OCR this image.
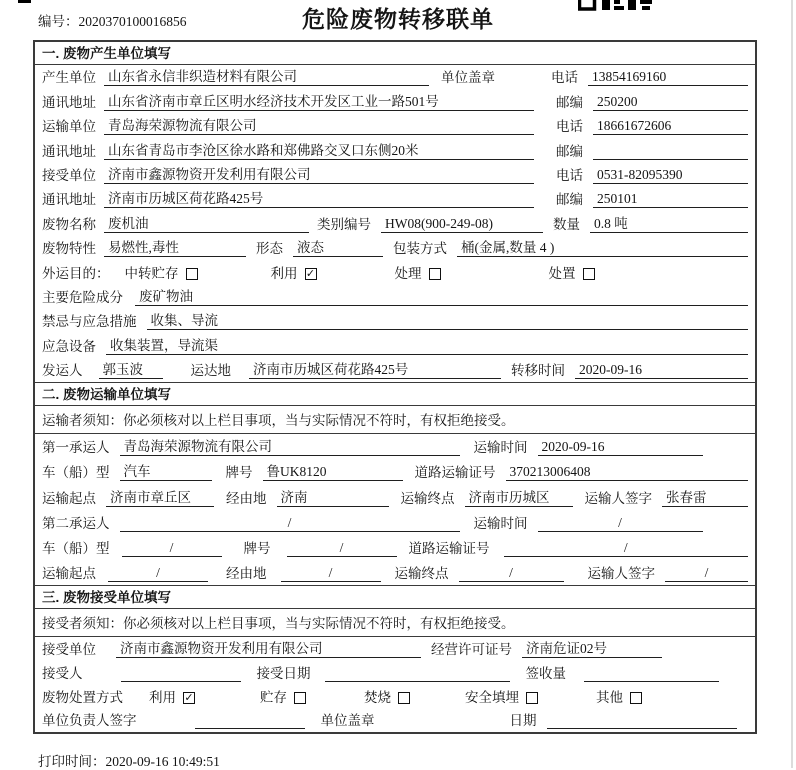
编号：2020370100016856	危险废物转移联单
一. 废物产生单位填写
产生单位 山东省永信非织造材料有限公司	单位盖章	电话 13854169160
通讯地址 山东省济南市章丘区明水经济技术开发区工业一路501号	邮编 250200
运输单位 青岛海荣源物流有限公司	电话 18661672606
通讯地址 山东省青岛市李沧区徐水路和郑佛路交叉口东侧20米	邮编
接受单位 济南市鑫源物资开发利用有限公司	电话 0531-82095390
通讯地址 济南市历城区荷花路425号	邮编 250101
废物名称 废机油	类别编号 HW08(900-249-08)	数量 0.8 吨
废物特性 易燃性,毒性	形态 液态	包装方式 桶(金属,数量 4 )
外运目的： 中转贮存	利用 ✓	处理	处置
主要危险成分 废矿物油
禁忌与应急措施 收集、导流
应急设备 收集装置，导流渠
发运人 郭玉波	运达地 济南市历城区荷花路425号	转移时间 2020-09-16
二. 废物运输单位填写
运输者须知：你必须核对以上栏目事项，当与实际情况不符时，有权拒绝接受。
第一承运人 青岛海荣源物流有限公司	运输时间 2020-09-16
车（船）型 汽车	牌号 鲁UK8120	道路运输证号 370213006408
运输起点 济南市章丘区	经由地 济南	运输终点 济南市历城区	运输人签字 张春雷
第二承运人	/	运输时间	/
车（船）型	/	牌号	/	道路运输证号	/
运输起点	/	经由地	/	运输终点	/	运输人签字	/
三. 废物接受单位填写
接受者须知：你必须核对以上栏目事项，当与实际情况不符时，有权拒绝接受。
接受单位 济南市鑫源物资开发利用有限公司	经营许可证号 济南危证02号
接受人	接受日期	签收量
废物处置方式 利用 ✓	贮存	焚烧	安全填埋	其他
单位负责人签字	单位盖章	日期
打印时间：2020-09-16 10:49:51
